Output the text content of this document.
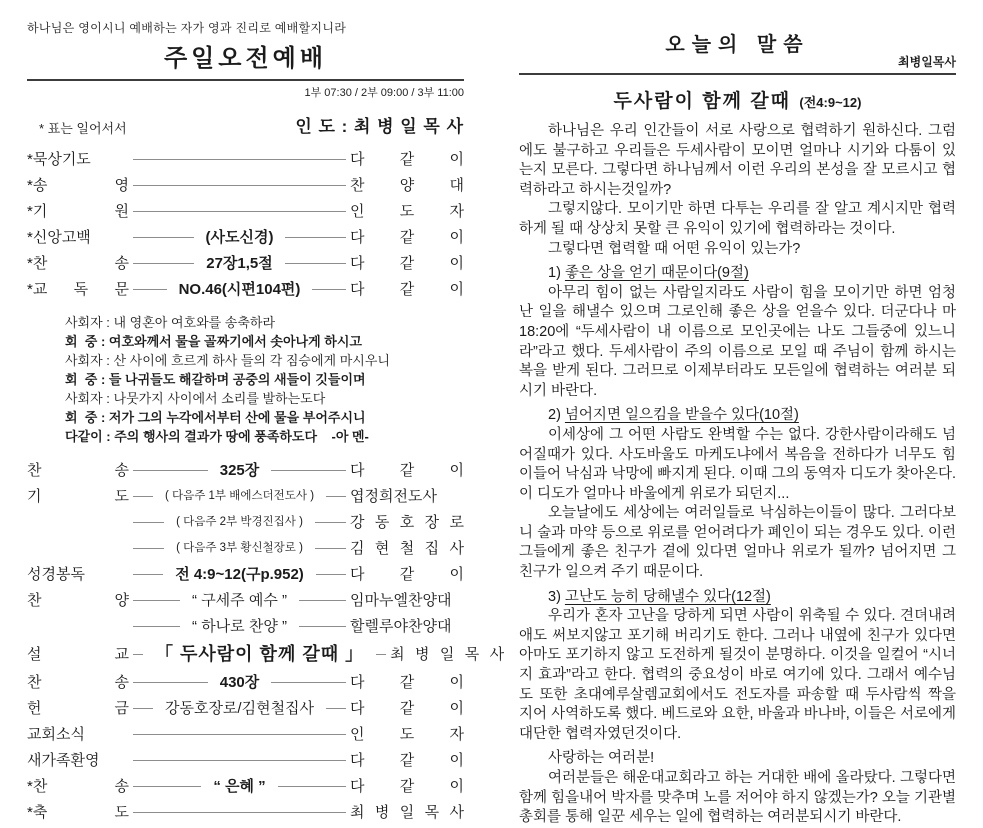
하나님은 영이시니 예배하는 자가 영과 진리로 예배할지니라
주일오전예배
1부 07:30 / 2부 09:00 / 3부 11:00
* 표는 일어서서	인 도 : 최 병 일 목 사
*묵상기도	다 같 이
*송 영	찬 양 대
*기 원	인 도 자
*신앙고백	(사도신경)	다 같 이
*찬 송	27장1,5절	다 같 이
*교 독 문	NO.46(시편104편)	다 같 이
사회자 : 내 영혼아 여호와를 송축하라
회  중 : 여호와께서 물을 골짜기에서 솟아나게 하시고
사회자 : 산 사이에 흐르게 하사 들의 각 짐승에게 마시우니
회  중 : 들 나귀들도 해갈하며 공중의 새들이 깃들이며
사회자 : 나뭇가지 사이에서 소리를 발하는도다
회  중 : 저가 그의 누각에서부터 산에 물을 부어주시니
다같이 : 주의 행사의 결과가 땅에 풍족하도다    -아 멘-
찬 송	325장	다 같 이
기 도	( 다음주 1부 배에스더전도사 )	엽정희전도사
( 다음주 2부 박경진집사 )	강 동 호 장 로
( 다음주 3부 황신철장로 )	김 현 철 집 사
성경봉독	전 4:9~12(구p.952)	다 같 이
찬 양	“ 구세주 예수 ”	임마누엘찬양대
“ 하나로 찬양 ”	할렐루야찬양대
설 교	「 두사람이 함께 갈때 」	최 병 일 목 사
찬 송	430장	다 같 이
헌 금	강동호장로/김현철집사	다 같 이
교회소식	인 도 자
새가족환영	다 같 이
*찬 송	“ 은혜 ”	다 같 이
*축 도	최 병 일 목 사
오늘의 말씀
최병일목사
두사람이 함께 갈때 (전4:9~12)

하나님은 우리 인간들이 서로 사랑으로 협력하기 원하신다. 그럼에도 불구하고 우리들은 두세사람이 모이면 얼마나 시기와 다툼이 있는지 모른다. 그렇다면 하나님께서 이런 우리의 본성을 잘 모르시고 협력하라고 하시는것일까?

그렇지않다. 모이기만 하면 다투는 우리를 잘 알고 계시지만 협력하게 될 때 상상치 못할 큰 유익이 있기에 협력하라는 것이다.

그렇다면 협력할 때 어떤 유익이 있는가?

1) 좋은 상을 얻기 때문이다(9절)

아무리 힘이 없는 사람일지라도 사람이 힘을 모이기만 하면 엄청난 일을 해낼수 있으며 그로인해 좋은 상을 얻을수 있다. 더군다나 마18:20에 “두세사람이 내 이름으로 모인곳에는 나도 그들중에 있느니라”라고 했다. 두세사람이 주의 이름으로 모일 때 주님이 함께 하시는 복을 받게 된다. 그러므로 이제부터라도 모든일에 협력하는 여러분 되시기 바란다.

2) 넘어지면 일으킴을 받을수 있다(10절)

이세상에 그 어떤 사람도 완벽할 수는 없다. 강한사람이라해도 넘어질때가 있다. 사도바울도 마케도냐에서 복음을 전하다가 너무도 힘이들어 낙심과 낙망에 빠지게 된다. 이때 그의 동역자 디도가 찾아온다. 이 디도가 얼마나 바울에게 위로가 되던지...

오늘날에도 세상에는 여러일들로 낙심하는이들이 많다. 그러다보니 술과 마약 등으로 위로를 얻어려다가 폐인이 되는 경우도 있다. 이런 그들에게 좋은 친구가 곁에 있다면 얼마나 위로가 될까? 넘어지면 그 친구가 일으켜 주기 때문이다.

3) 고난도 능히 당해낼수 있다(12절)

우리가 혼자 고난을 당하게 되면 사람이 위축될 수 있다. 견뎌내려 애도 써보지않고 포기해 버리기도 한다. 그러나 내옆에 친구가 있다면 아마도 포기하지 않고 도전하게 될것이 분명하다. 이것을 일컬어 “시너지 효과”라고 한다. 협력의 중요성이 바로 여기에 있다. 그래서 예수님도 또한 초대예루살렘교회에서도 전도자를 파송할 때 두사람씩 짝을 지어 사역하도록 했다. 베드로와 요한, 바울과 바나바, 이들은 서로에게 대단한 협력자였던것이다.

사랑하는 여러분!

여러분들은 해운대교회라고 하는 거대한 배에 올라탔다. 그렇다면 함께 힘을내어 박자를 맞추며 노를 저어야 하지 않겠는가? 오늘 기관별총회를 통해 일꾼 세우는 일에 협력하는 여러분되시기 바란다.
